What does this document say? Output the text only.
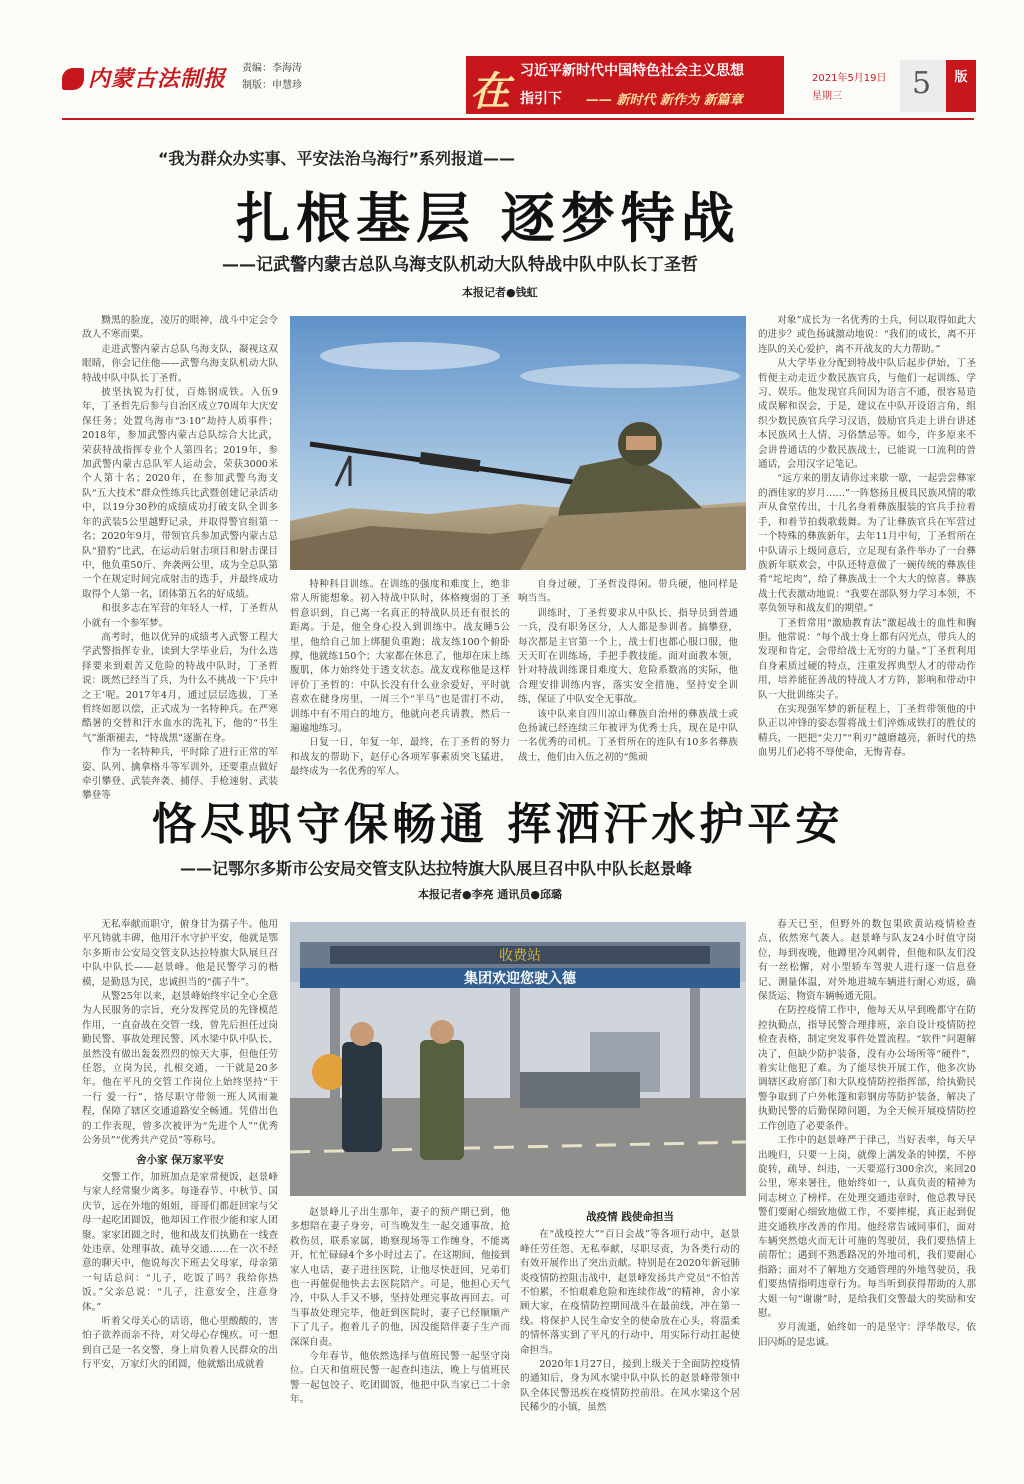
内蒙古法制报 责编：李海涛
制版：申慧珍	在 习近平新时代中国特色社会主义思想
指引下 —— 新时代 新作为 新篇章
2021年5月19日
星期三	5	版
“我为群众办实事、平安法治乌海行”系列报道——
扎根基层 逐梦特战
——记武警内蒙古总队乌海支队机动大队特战中队中队长丁圣哲
本报记者●钱虹

黝黑的脸庞，凌厉的眼神，战斗中定会令敌人不寒而栗。

走进武警内蒙古总队乌海支队，凝视这双眼睛，你会记住他——武警乌海支队机动大队特战中队中队长丁圣哲。

披坚执锐为打仗，百炼钢成铁。入伍9年，丁圣哲先后参与自治区成立70周年大庆安保任务；处置乌海市“3·10”劫持人质事件；2018年，参加武警内蒙古总队综合大比武，荣获特战指挥专业个人第四名；2019年，参加武警内蒙古总队军人运动会，荣获3000米个人第十名；2020年，在参加武警乌海支队“五大技术”群众性练兵比武暨创建记录活动中，以19分30秒的成绩成功打破支队全训多年的武装5公里越野记录，并取得警官组第一名；2020年9月，带领官兵参加武警内蒙古总队“猎豹”比武，在运动后射击项目和射击课目中，他负重50斤、奔袭两公里，成为全总队第一个在规定时间完成射击的选手，并最终成功取得个人第一名，团体第五名的好成绩。

和很多志在军营的年轻人一样，丁圣哲从小就有一个参军梦。

高考时，他以优异的成绩考入武警工程大学武警指挥专业，读到大学毕业后，为什么选择要来到艰苦又危险的特战中队时，丁圣哲说：既然已经当了兵，为什么不挑战一下‘兵中之王’呢。2017年4月，通过层层选拔，丁圣哲终如愿以偿，正式成为一名特种兵。在严寒酷暑的交替和汗水血水的洗礼下，他的“书生气”渐渐褪去，“特战黑”逐渐在身。

作为一名特种兵，平时除了进行正常的军姿、队列、擒拿格斗等军训外，还要重点做好牵引攀登、武装奔袭、捕俘、手枪速射、武装攀登等

特种科目训练。在训练的强度和难度上，绝非常人所能想象。初入特战中队时，体格瘦弱的丁圣哲意识到，自己离一名真正的特战队员还有很长的距离。于是，他全身心投入到训练中。战友睡5公里，他给自己加上绑腿负重跑；战友练100个俯卧撑，他就练150个；大家都在休息了，他却在床上练腹肌，体力始终处于透支状态。战友戏称他是这样评价丁圣哲的：中队长没有什么业余爱好，平时就喜欢在健身房里，一周三个“半马”也是雷打不动，训练中有不用白的地方，他就向老兵请教，然后一遍遍地练习。

日复一日，年复一年，最终，在丁圣哲的努力和战友的帮助下，赵仔心各项军事素质突飞猛进，最终成为一名优秀的军人。

自身过硬，丁圣哲没得闲。带兵硬，他同样是响当当。

训练时，丁圣哲要求从中队长、指导员到普通一兵，没有职务区分，人人都是参训者。搞攀登，每次都是主官第一个上，战士们也都心服口服，他天天盯在训练场，手把手教技能。面对面教本领，针对特战训练课目难度大、危险系数高的实际，他合理安排训练内容，落实安全措施，坚持安全训练，保证了中队安全无事故。

该中队来自四川凉山彝族自治州的彝族战士或色扬诚已经连续三年被评为优秀士兵，现在是中队一名优秀的司机。丁圣哲所在的连队有10多名彝族战士，他们由入伍之初的“熊顽

对象”成长为一名优秀的士兵，何以取得如此大的进步？或色扬诚激动地说：“我们的成长，离不开连队的关心爱护，离不开战友的大力帮助。”

从大学毕业分配到特战中队后起步伊始，丁圣哲便主动走近少数民族官兵，与他们一起训练、学习、娱乐。他发现官兵间因为语言不通，很容易造成误解和误会，于是，建议在中队开设语言角，组织少数民族官兵学习汉语，鼓励官兵走上讲台讲述本民族风土人情、习俗禁忌等。如今，许多原来不会讲普通话的少数民族战士，已能说一口流利的普通话，会用汉字记笔记。

“远方来的朋友请你过来歇一歇，一起尝尝彝家的酒佳家的岁月……”一阵悠扬且极具民族风情的歌声从食堂传出，十几名身着彝族服装的官兵手拉着手，和着节拍载歌载舞。为了让彝族官兵在军营过一个特殊的彝族新年，去年11月中旬，丁圣哲所在中队请示上级同意后，立足现有条件举办了一台彝族新年联欢会，中队还特意做了一碗传统的彝族佳肴“坨坨肉”，给了彝族战士一个大大的惊喜。彝族战士代表激动地说：“我要在部队努力学习本领，不辜负领导和战友们的期望。”

丁圣哲常用“激励教育法”激起战士的血性和胸胆。他常说：“每个战士身上都有闪光点，带兵人的发现和肯定，会带给战士无穷的力量。”丁圣哲利用自身素质过硬的特点，注重发挥典型人才的带动作用，培养能征善战的特战人才方阵，影响和带动中队一大批训练尖子。

在实现强军梦的新征程上，丁圣哲带领他的中队正以冲锋的姿态誓将战士们淬炼成铁打的胜仗的精兵，一把把“尖刀”“利刃”越磨越亮，新时代的热血男儿们必将不辱使命，无悔青春。

恪尽职守保畅通 挥洒汗水护平安
——记鄂尔多斯市公安局交管支队达拉特旗大队展旦召中队中队长赵景峰
本报记者●李亮 通讯员●邱璐

无私奉献而职守，俯身甘为孺子牛。他用平凡铸就丰碑，他用汗水守护平安，他就是鄂尔多斯市公安局交管支队达拉特旗大队展旦召中队中队长——赵景峰。他是民警学习的楷模，是勤恳为民，忠诚担当的“孺子牛”。

从警25年以来，赵景峰始终牢记全心全意为人民服务的宗旨，充分发挥党员的先锋模范作用，一直奋战在交管一线，曾先后担任过岗勤民警、事故处理民警、风水梁中队中队长、虽然没有做出轰轰烈烈的惊天大事，但他任劳任怨，立岗为民，扎根交通，一干就是20多年。他在平凡的交管工作岗位上始终坚持“干一行 爱一行”，恪尽职守带领一班人风雨兼程，保障了辖区交通道路安全畅通。凭借出色的工作表现，曾多次被评为“先进个人”“优秀公务员”“优秀共产党员”等称号。

舍小家 保万家平安

交警工作，加班加点是家常便饭，赵景峰与家人经常聚少离多。每逢春节、中秋节、国庆节，远在外地的姐姐，哥哥们都赶回家与父母一起吃团圆饭，他却因工作很少能和家人团聚。家家团圆之时，他和战友们执勤在一线查处违章、处理事故、疏导交通……在一次不经意的聊天中，他说每次下班去父母家，母亲第一句话总问：“儿子，吃饭了吗？我给你热饭。”父亲总说：“儿子，注意安全，注意身体。”

听着父母关心的话语，他心里酸酸的，害怕子欲养而亲不待，对父母心存愧疚。可一想到自己是一名交警，身上肩负着人民群众的出行平安，万家灯火的团圆，他就豁出成就着

收费站
集团欢迎您驶入德

赵景峰儿子出生那年，妻子的预产期已到，他多想陪在妻子身旁，可当晚发生一起交通事故，抢救伤员，联系家属，勘察现场等工作缠身，不能离开，忙忙碌碌4个多小时过去了。在这期间，他接到家人电话，妻子进往医院，让他尽快赶回，兄弟们也一再催促他快去去医院陪产。可是，他担心天气冷，中队人手又不够，坚持处理完事故再回去。可当事故处理完毕，他赶到医院时，妻子已经顺顺产下了儿子。抱着儿子的他，因没能陪伴妻子生产而深深自责。

今年春节，他依然选择与值班民警一起坚守岗位。白天和值班民警一起查纠违法，晚上与值班民警一起包饺子、吃团圆饭，他把中队当家已二十余年。

战疫情 践使命担当

在“战疫控大”“百日会战”等各项行动中，赵景峰任劳任怨、无私奉献，尽职尽责，为各类行动的有效开展作出了突出贡献。特别是在2020年新冠肺炎疫情防控阻击战中，赵景峰发扬共产党员“不怕苦不怕累，不怕艰难危险和连续作战”的精神，舍小家顾大家，在疫情防控期间战斗在最前线，冲在第一线。将保护人民生命安全的使命放在心头，将温柔的情怀落实到了平凡的行动中，用实际行动扛起使命担当。

2020年1月27日，接到上级关于全面防控疫情的通知后，身为风水梁中队中队长的赵景峰带领中队全体民警迅疾在疫情防控前沿。在风水梁这个居民稀少的小镇，虽然

春天已至，但野外的数包果欧黄站疫情检查点，依然寒气袭人。赵景峰与队友24小时值守岗位，每到夜晚，他蹲里冷风刺骨，但他和队友们没有一丝松懈，对小型轿车驾驶人进行逐一信息登记、测量体温，对外地进城车辆进行耐心劝返，确保货运、物资车辆畅通无阻。

在防控疫情工作中，他每天从早到晚都守在防控执勤点，指导民警合理排班，亲自设计疫情防控检查表格，制定突发事件处置流程。“软件”问题解决了，但缺少防护装备，没有办公场所等“硬件”，着实让他犯了难。为了能尽快开展工作，他多次协调辖区政府部门和大队疫情防控指挥部，给执勤民警争取到了户外帐篷和彩钢房等防护装备，解决了执勤民警的后勤保障问题，为全天候开展疫情防控工作创造了必要条件。

工作中的赵景峰严于律己，当好表率，每天早出晚归，只要一上岗，就像上满发条的钟摆，不停旋转，疏导、纠违，一天要巡行300余次，来回20公里，寒来暑往，他始终如一，认真负责的精神为同志树立了榜样。在处理交通违章时，他总教导民警们要耐心细致地做工作，不要摔棍，真正起到促进交通秩序改善的作用。他经常告诫同事们，面对车辆突然熄火而无计可施的驾驶员，我们要热情上前帮忙；遇到不熟悉路况的外地司机，我们要耐心指路；面对不了解地方交通管理的外地驾驶员，我们要热情指明违章行为。每当听到获得帮助的人那大姐一句“谢谢”时，是给我们交警最大的奖励和安慰。

岁月流逝，始终如一的是坚守：浮华散尽，依旧闪烁的是忠诚。
